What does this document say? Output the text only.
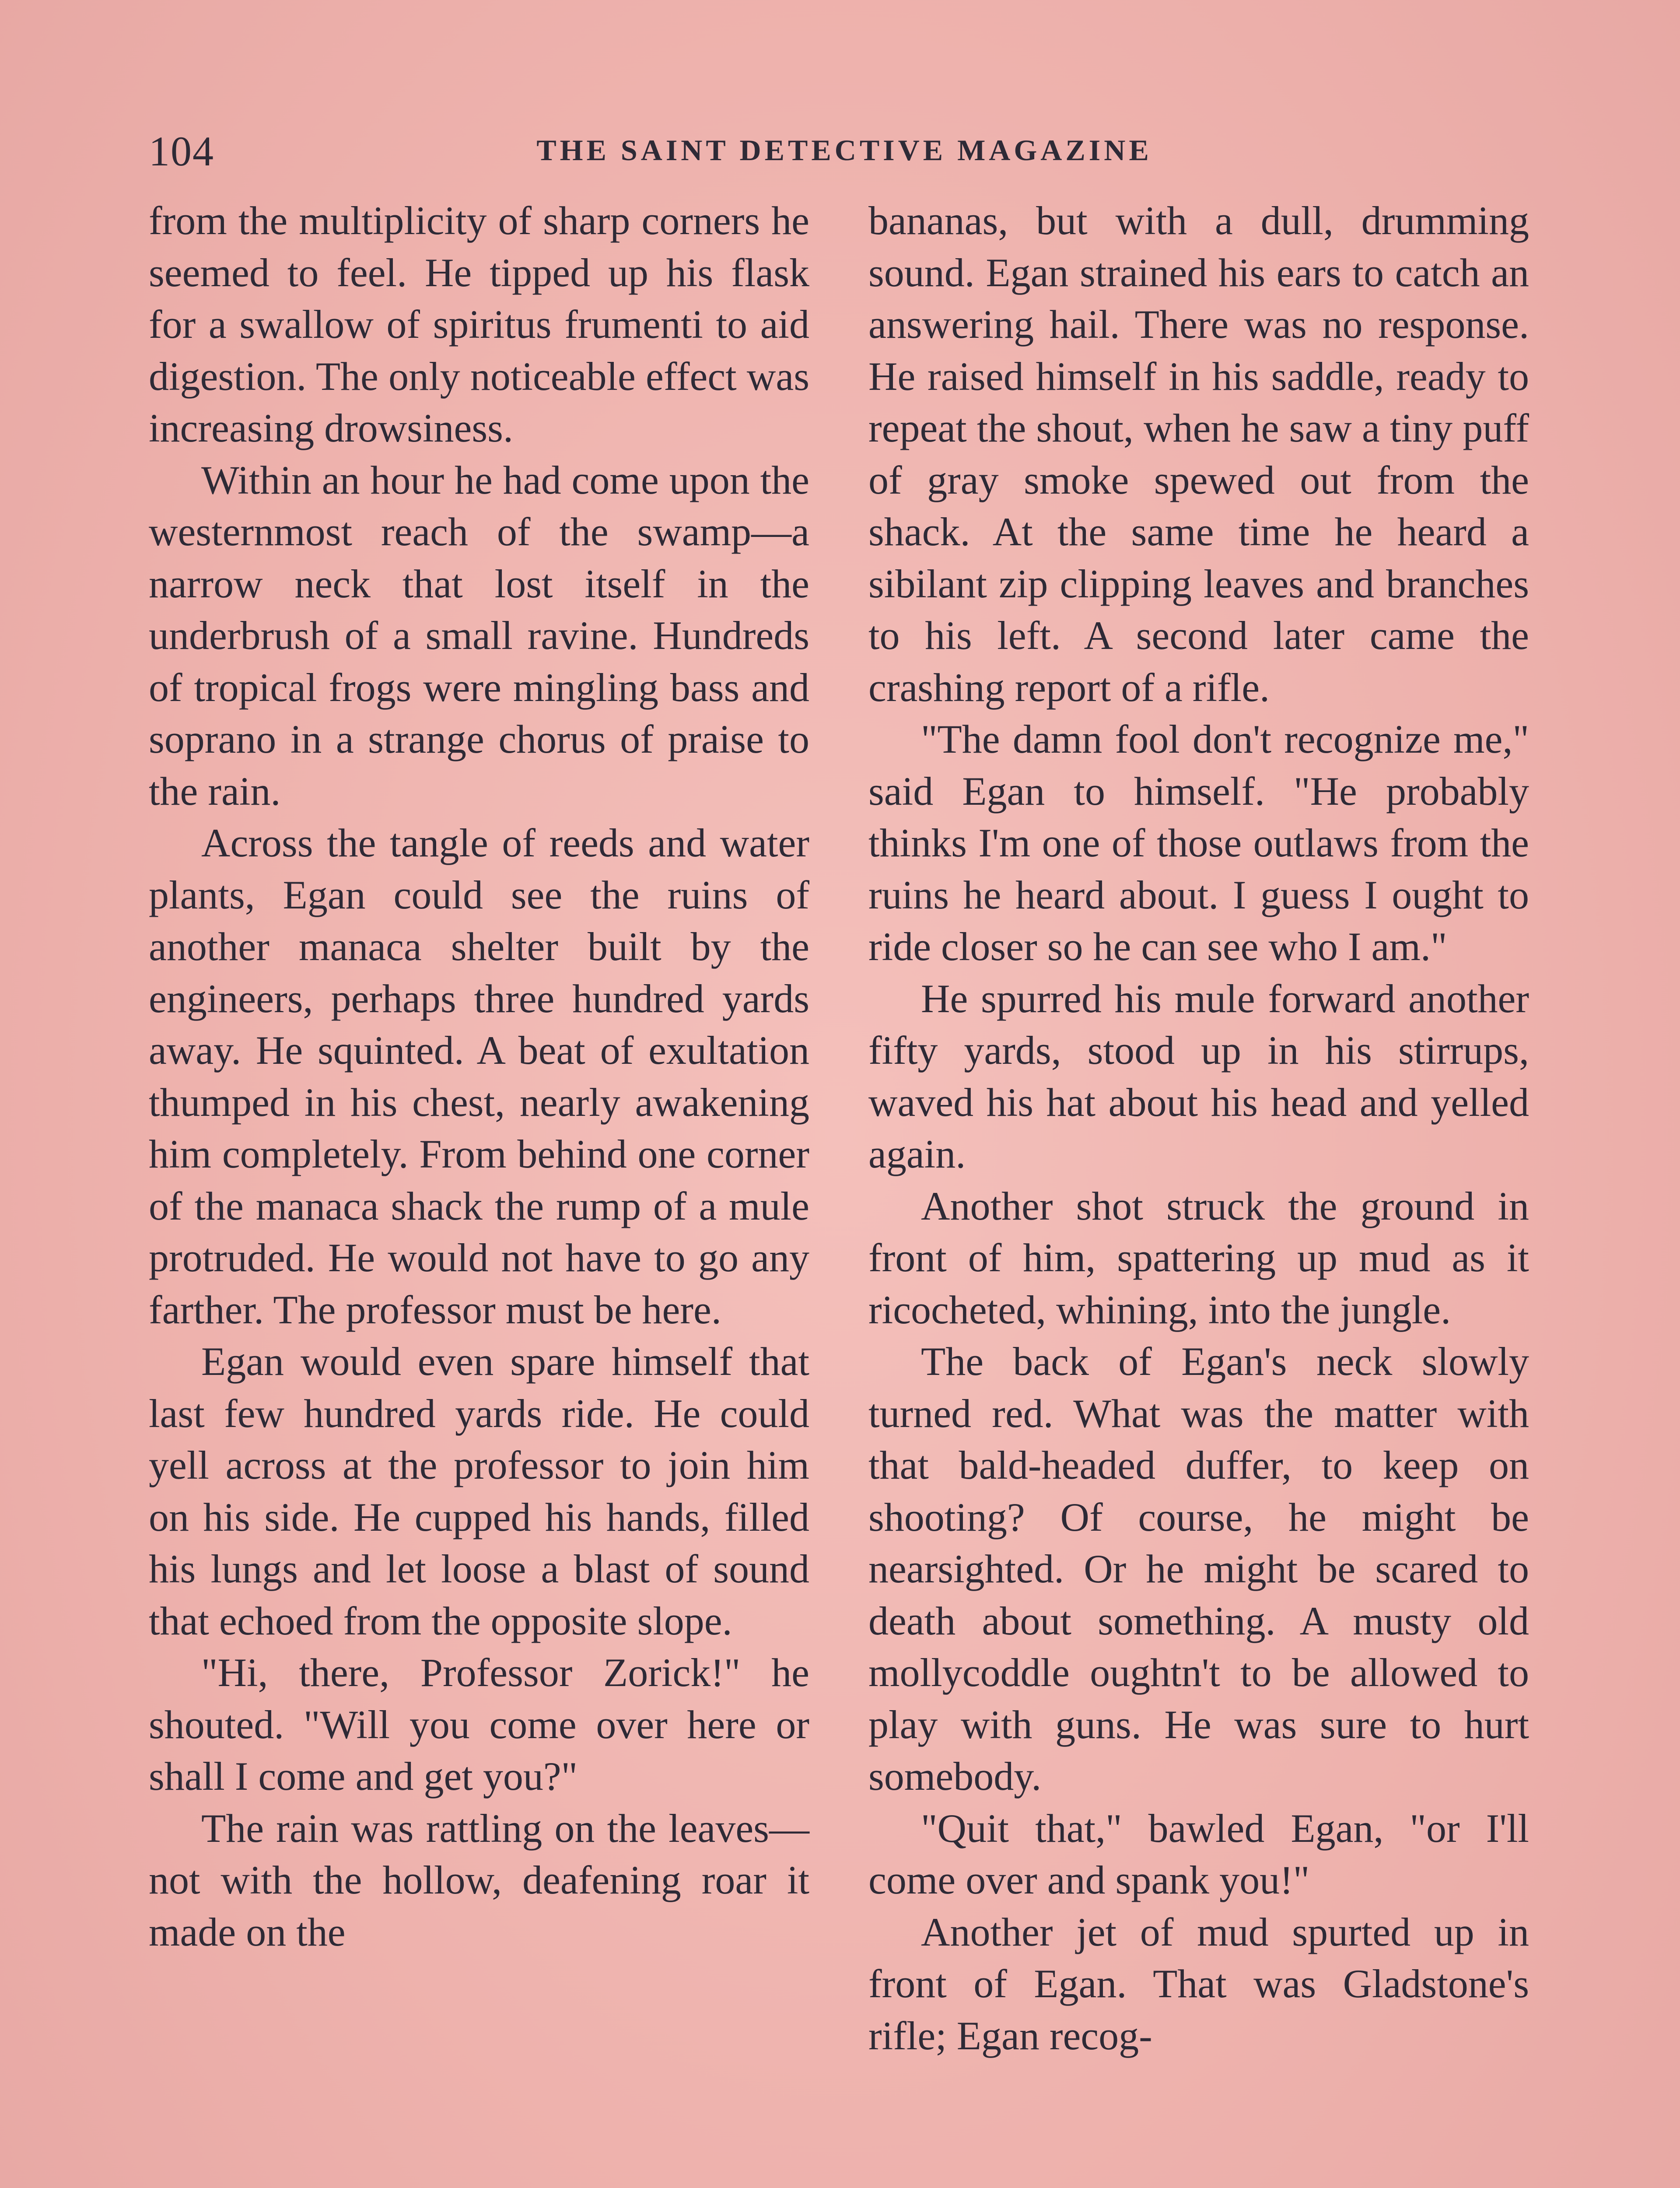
104	THE SAINT DETECTIVE MAGAZINE

from the multiplicity of sharp corners he seemed to feel. He tipped up his flask for a swallow of spiritus frumenti to aid digestion. The only noticeable effect was increasing drowsiness.

Within an hour he had come upon the westernmost reach of the swamp—a narrow neck that lost itself in the underbrush of a small ravine. Hundreds of tropical frogs were mingling bass and soprano in a strange chorus of praise to the rain.

Across the tangle of reeds and water plants, Egan could see the ruins of another manaca shelter built by the engineers, perhaps three hundred yards away. He squinted. A beat of exultation thumped in his chest, nearly awakening him completely. From behind one corner of the manaca shack the rump of a mule protruded. He would not have to go any farther. The professor must be here.

Egan would even spare himself that last few hundred yards ride. He could yell across at the professor to join him on his side. He cupped his hands, filled his lungs and let loose a blast of sound that echoed from the opposite slope.

"Hi, there, Professor Zorick!" he shouted. "Will you come over here or shall I come and get you?"

The rain was rattling on the leaves—not with the hollow, deafening roar it made on the

bananas, but with a dull, drumming sound. Egan strained his ears to catch an answering hail. There was no response. He raised himself in his saddle, ready to repeat the shout, when he saw a tiny puff of gray smoke spewed out from the shack. At the same time he heard a sibilant zip clipping leaves and branches to his left. A second later came the crashing report of a rifle.

"The damn fool don't recognize me," said Egan to himself. "He probably thinks I'm one of those outlaws from the ruins he heard about. I guess I ought to ride closer so he can see who I am."

He spurred his mule forward another fifty yards, stood up in his stirrups, waved his hat about his head and yelled again.

Another shot struck the ground in front of him, spattering up mud as it ricocheted, whining, into the jungle.

The back of Egan's neck slowly turned red. What was the matter with that bald-headed duffer, to keep on shooting? Of course, he might be nearsighted. Or he might be scared to death about something. A musty old mollycoddle oughtn't to be allowed to play with guns. He was sure to hurt somebody.

"Quit that," bawled Egan, "or I'll come over and spank you!"

Another jet of mud spurted up in front of Egan. That was Gladstone's rifle; Egan recog-
